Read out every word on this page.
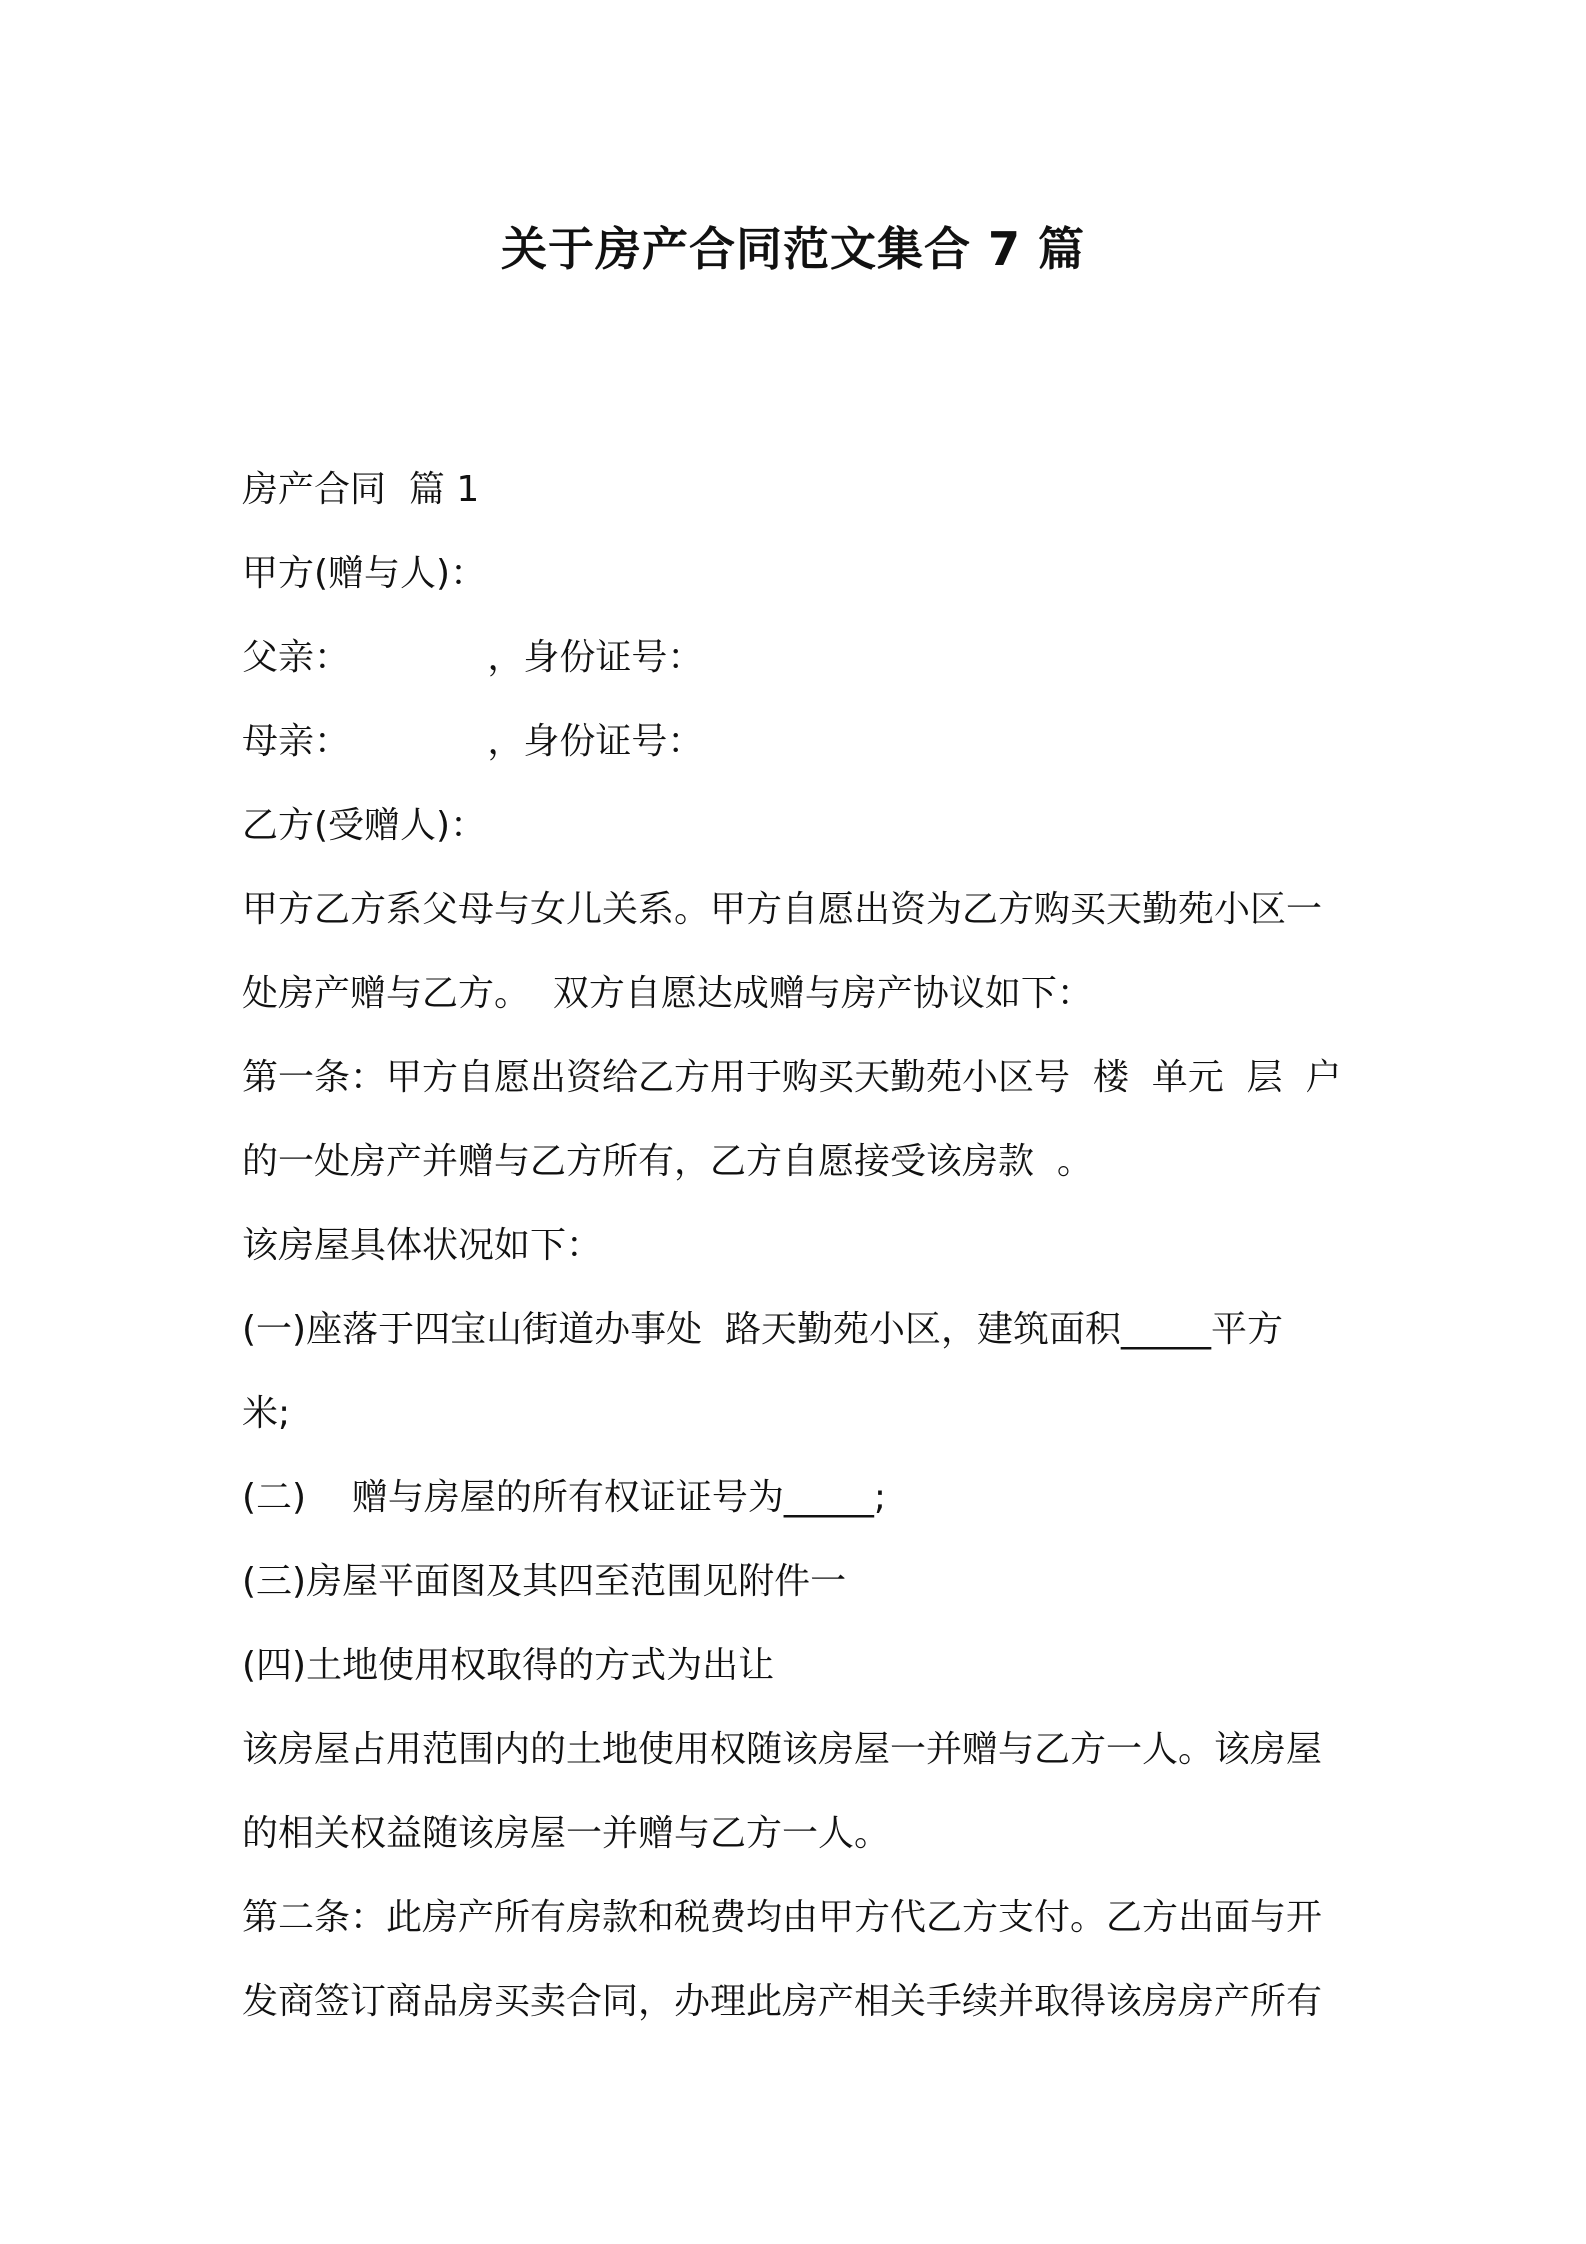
关于房产合同范文集合 7 篇
房产合同  篇 1
甲方(赠与人)：
父亲：            ，身份证号：
母亲：            ，身份证号：
乙方(受赠人)：
甲方乙方系父母与女儿关系。甲方自愿出资为乙方购买天勤苑小区一
处房产赠与乙方。  双方自愿达成赠与房产协议如下：
第一条：甲方自愿出资给乙方用于购买天勤苑小区号  楼  单元  层  户
的一处房产并赠与乙方所有，乙方自愿接受该房款  。
该房屋具体状况如下：
(一)座落于四宝山街道办事处  路天勤苑小区，建筑面积_____平方
米;
(二)    赠与房屋的所有权证证号为_____;
(三)房屋平面图及其四至范围见附件一
(四)土地使用权取得的方式为出让
该房屋占用范围内的土地使用权随该房屋一并赠与乙方一人。该房屋
的相关权益随该房屋一并赠与乙方一人。
第二条：此房产所有房款和税费均由甲方代乙方支付。乙方出面与开
发商签订商品房买卖合同，办理此房产相关手续并取得该房房产所有
